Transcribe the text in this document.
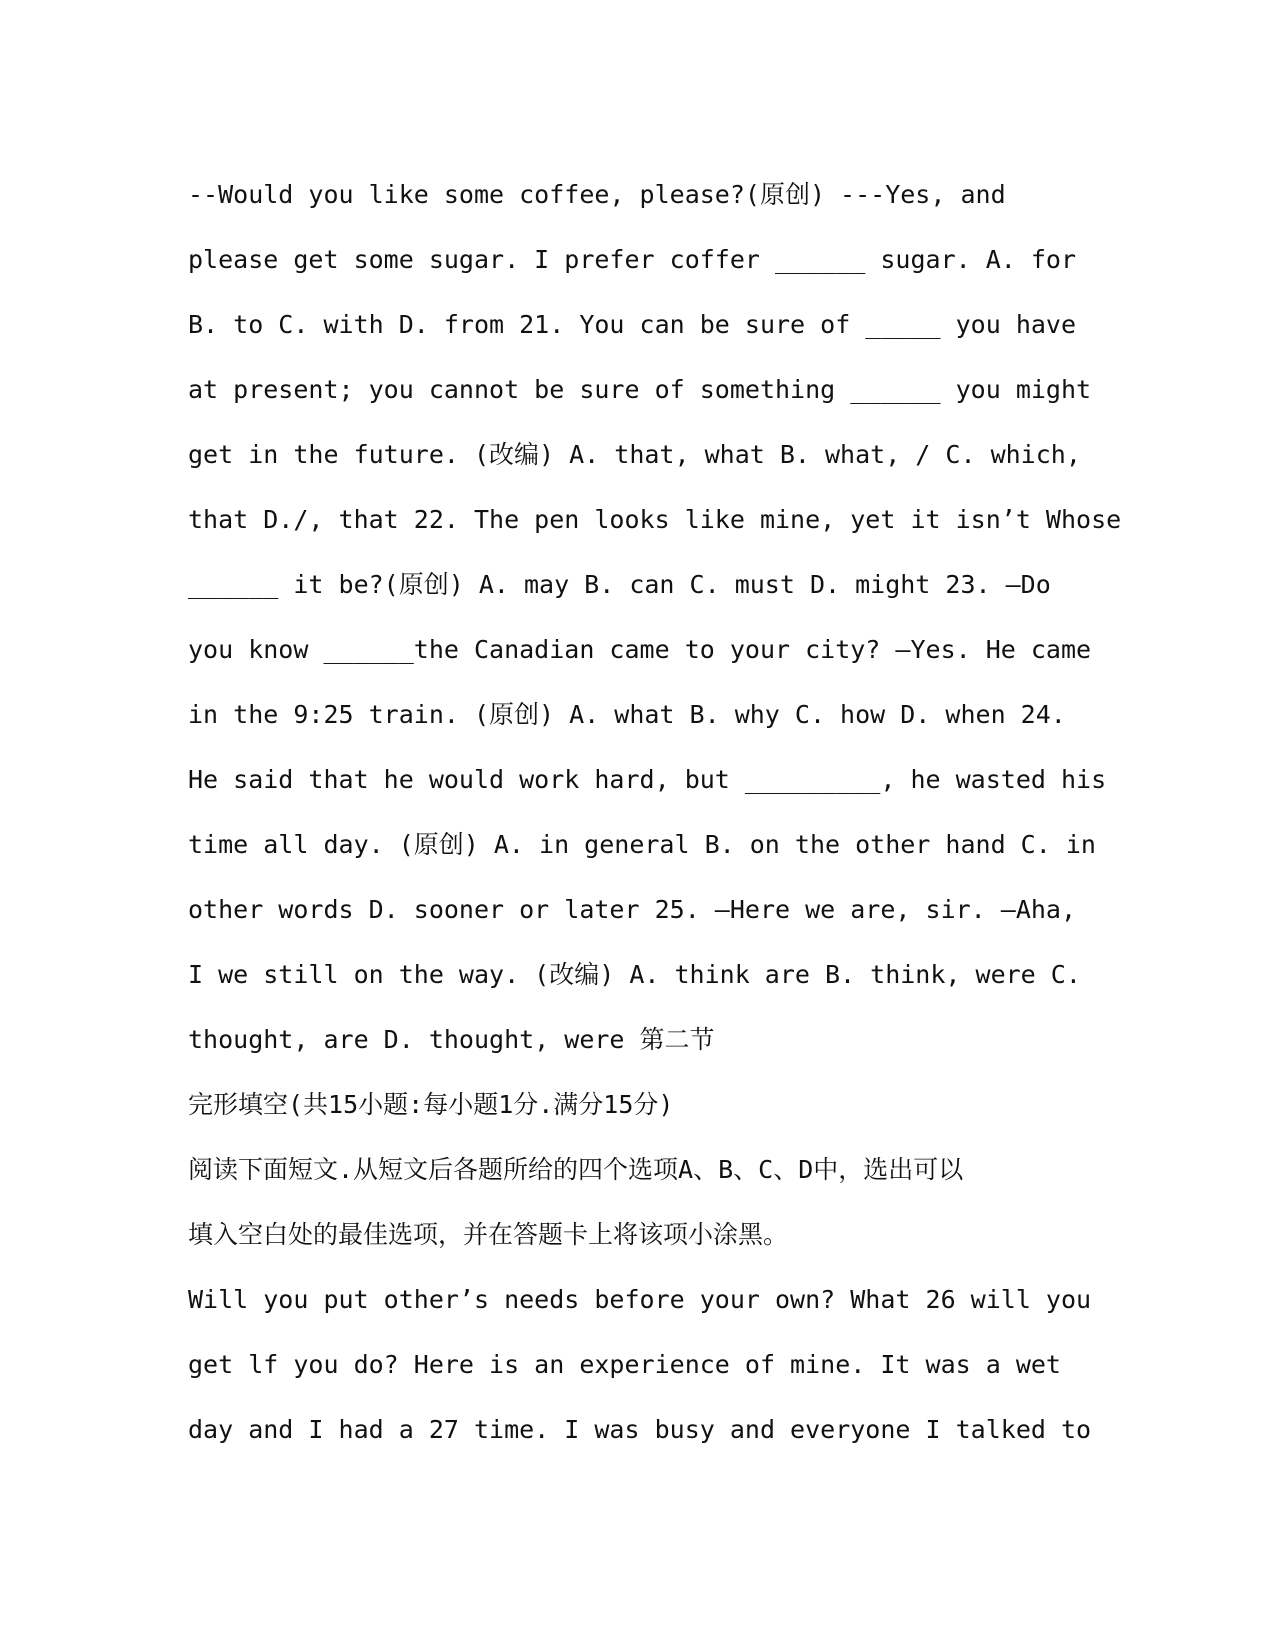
--Would you like some coffee, please?(原创) ---Yes, and
please get some sugar. I prefer coffer ______ sugar. A. for
B. to C. with D. from 21. You can be sure of _____ you have
at present; you cannot be sure of something ______ you might
get in the future. (改编) A. that, what B. what, / C. which,
that D./, that 22. The pen looks like mine, yet it isn’t Whose
______ it be?(原创) A. may B. can C. must D. might 23. —Do
you know ______the Canadian came to your city? –Yes. He came
in the 9:25 train. (原创) A. what B. why C. how D. when 24.
He said that he would work hard, but _________, he wasted his
time all day. (原创) A. in general B. on the other hand C. in
other words D. sooner or later 25. —Here we are, sir. –Aha,
I we still on the way. (改编) A. think are B. think, were C.
thought, are D. thought, were 第二节
完形填空(共15小题:每小题1分.满分15分)
阅读下面短文.从短文后各题所给的四个选项A、B、C、D中，选出可以
填入空白处的最佳选项，并在答题卡上将该项小涂黑。
Will you put other’s needs before your own? What 26 will you
get lf you do? Here is an experience of mine. It was a wet
day and I had a 27 time. I was busy and everyone I talked to
